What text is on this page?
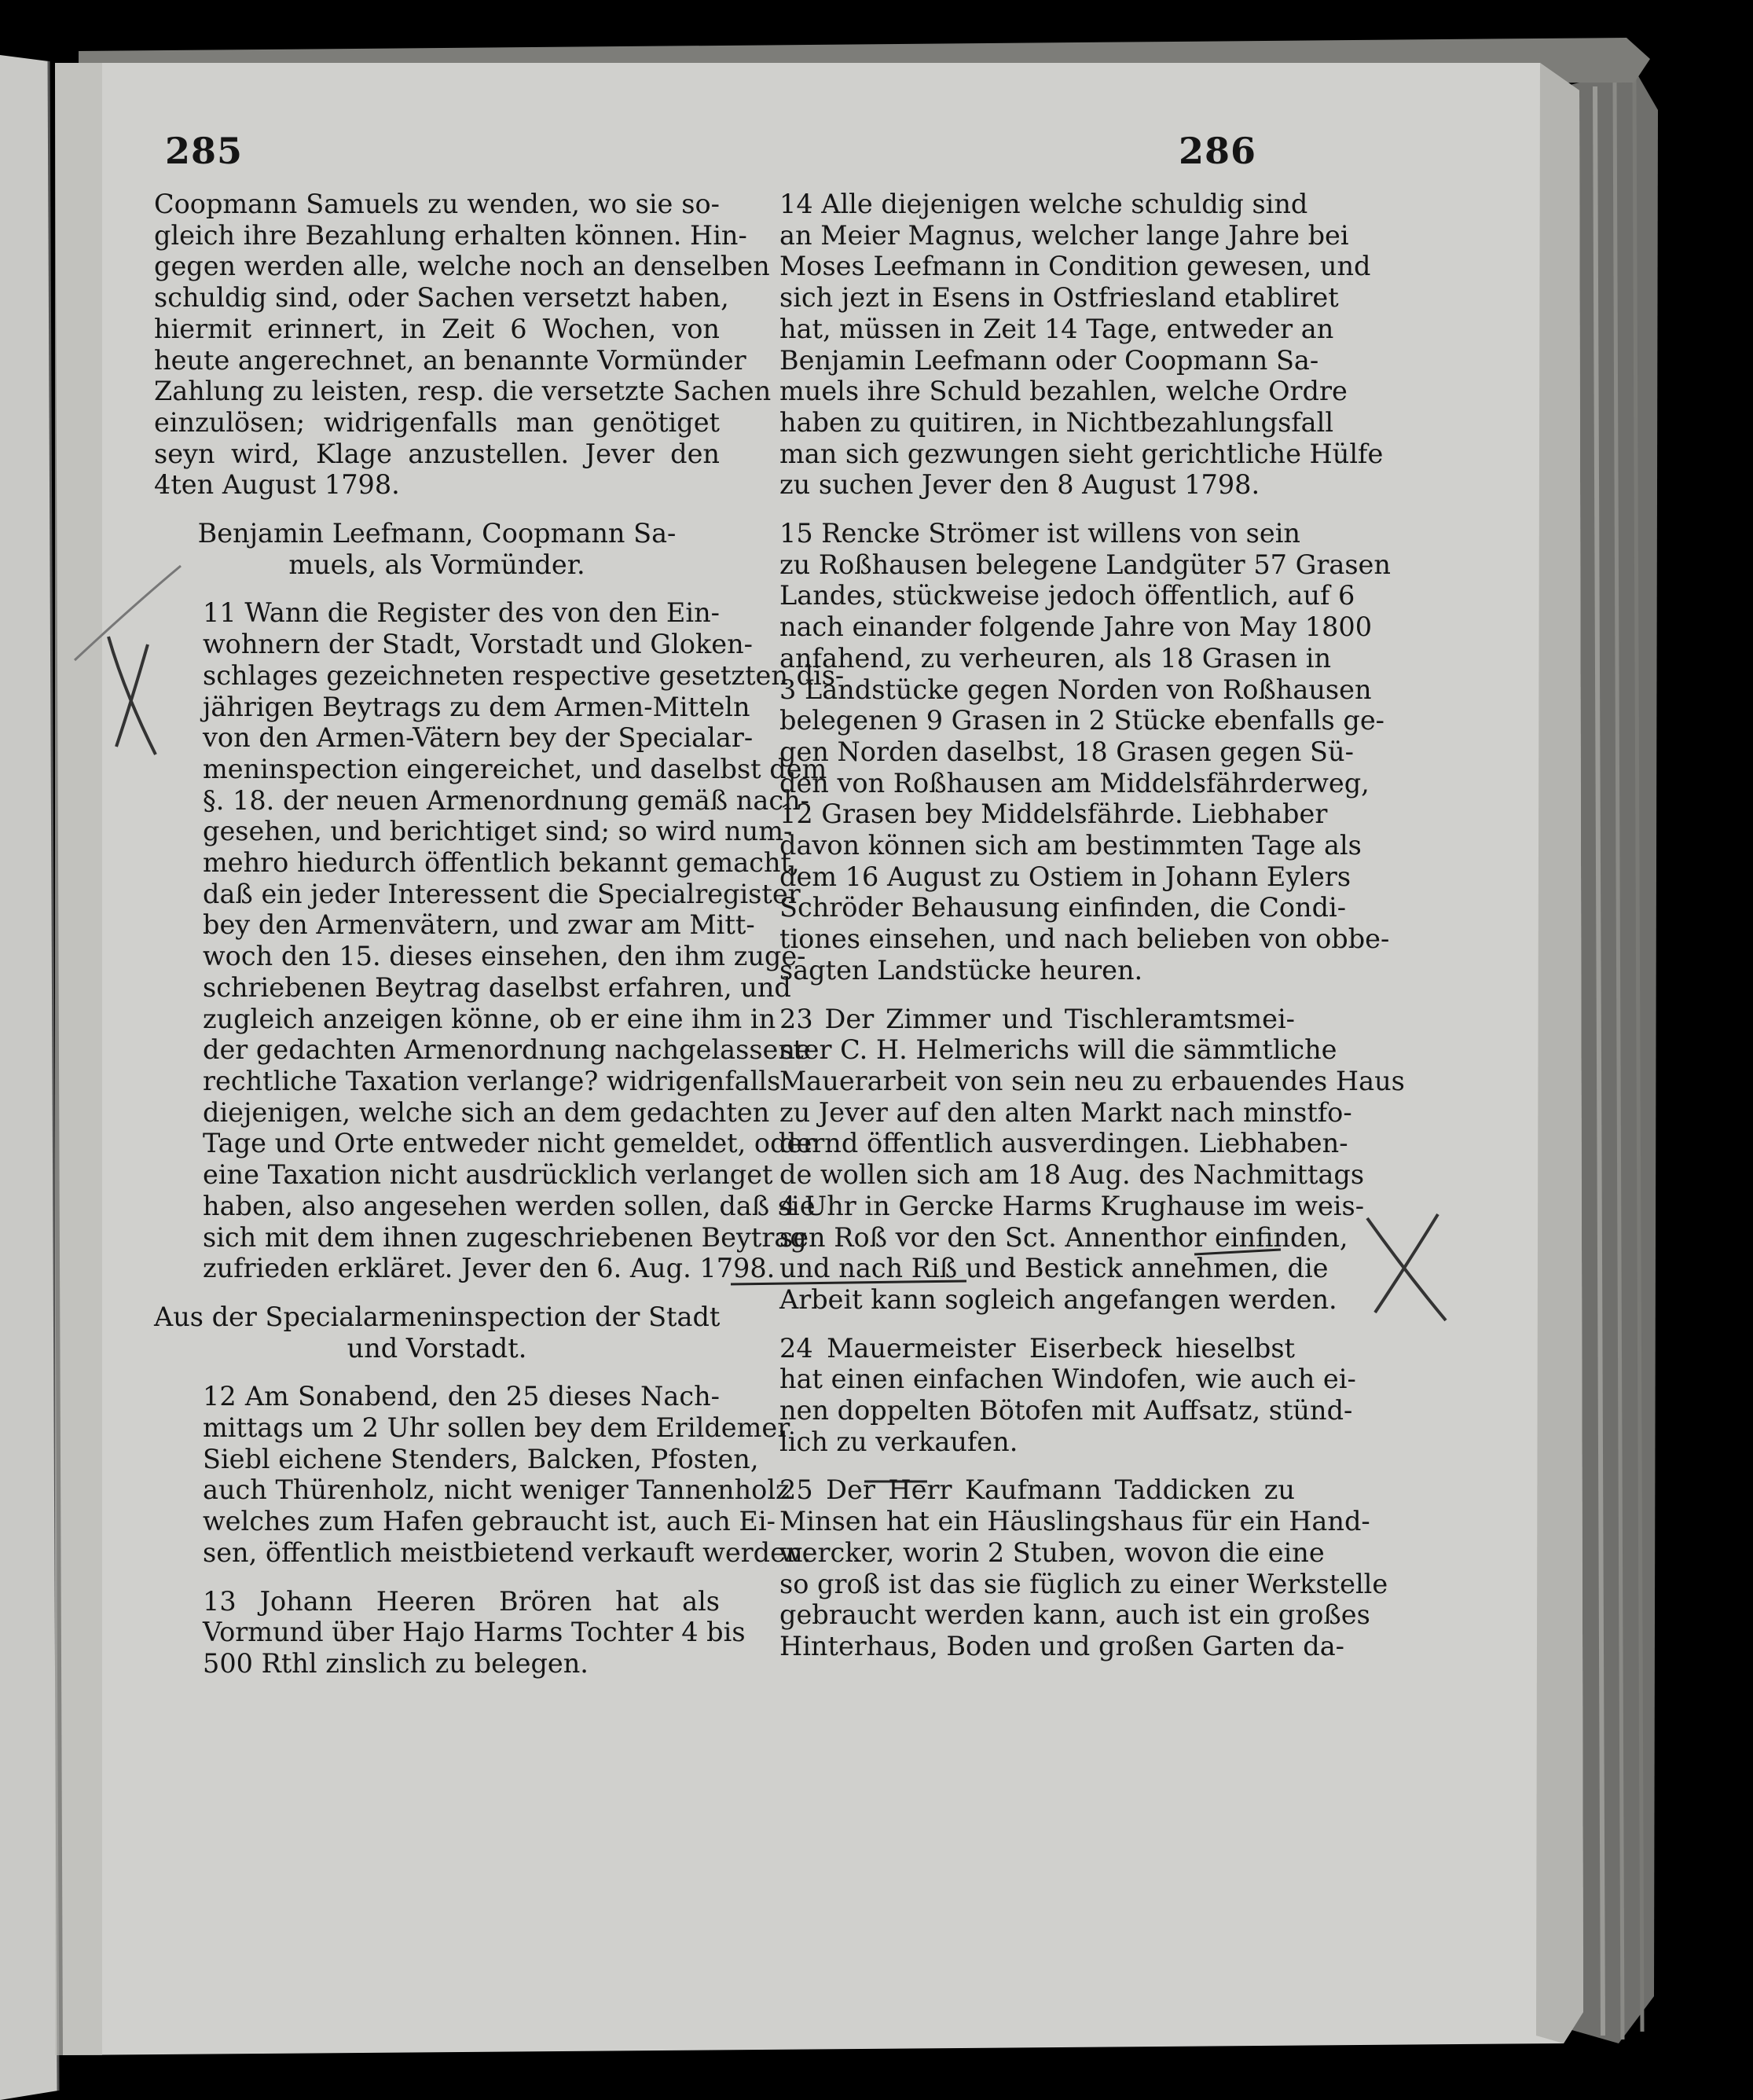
285	286
Coopmann Samuels zu wenden, wo sie so-
gleich ihre Bezahlung erhalten können. Hin-
gegen werden alle, welche noch an denselben
schuldig sind, oder Sachen versetzt haben,
hiermit erinnert, in Zeit 6 Wochen, von
heute angerechnet, an benannte Vormünder
Zahlung zu leisten, resp. die versetzte Sachen
einzulösen; widrigenfalls man genötiget
seyn wird, Klage anzustellen. Jever den
4ten August 1798.
Benjamin Leefmann, Coopmann Sa-
muels, als Vormünder.
11 Wann die Register des von den Ein-
wohnern der Stadt, Vorstadt und Gloken-
schlages gezeichneten respective gesetzten dis-
jährigen Beytrags zu dem Armen-Mitteln
von den Armen-Vätern bey der Specialar-
meninspection eingereichet, und daselbst dem
§. 18. der neuen Armenordnung gemäß nach-
gesehen, und berichtiget sind; so wird num-
mehro hiedurch öffentlich bekannt gemacht,
daß ein jeder Interessent die Specialregister
bey den Armenvätern, und zwar am Mitt-
woch den 15. dieses einsehen, den ihm zuge-
schriebenen Beytrag daselbst erfahren, und
zugleich anzeigen könne, ob er eine ihm in
der gedachten Armenordnung nachgelassene
rechtliche Taxation verlange? widrigenfalls
diejenigen, welche sich an dem gedachten
Tage und Orte entweder nicht gemeldet, oder
eine Taxation nicht ausdrücklich verlanget
haben, also angesehen werden sollen, daß sie
sich mit dem ihnen zugeschriebenen Beytrag
zufrieden erkläret. Jever den 6. Aug. 1798.
Aus der Specialarmeninspection der Stadt
und Vorstadt.
12 Am Sonabend, den 25 dieses Nach-
mittags um 2 Uhr sollen bey dem Erildemer
Siebl eichene Stenders, Balcken, Pfosten,
auch Thürenholz, nicht weniger Tannenholz
welches zum Hafen gebraucht ist, auch Ei-
sen, öffentlich meistbietend verkauft werden.
13 Johann Heeren Brören hat als
Vormund über Hajo Harms Tochter 4 bis
500 Rthl zinslich zu belegen.
14 Alle diejenigen welche schuldig sind
an Meier Magnus, welcher lange Jahre bei
Moses Leefmann in Condition gewesen, und
sich jezt in Esens in Ostfriesland etabliret
hat, müssen in Zeit 14 Tage, entweder an
Benjamin Leefmann oder Coopmann Sa-
muels ihre Schuld bezahlen, welche Ordre
haben zu quitiren, in Nichtbezahlungsfall
man sich gezwungen sieht gerichtliche Hülfe
zu suchen Jever den 8 August 1798.
15 Rencke Strömer ist willens von sein
zu Roßhausen belegene Landgüter 57 Grasen
Landes, stückweise jedoch öffentlich, auf 6
nach einander folgende Jahre von May 1800
anfahend, zu verheuren, als 18 Grasen in
3 Landstücke gegen Norden von Roßhausen
belegenen 9 Grasen in 2 Stücke ebenfalls ge-
gen Norden daselbst, 18 Grasen gegen Sü-
den von Roßhausen am Middelsfährderweg,
12 Grasen bey Middelsfährde. Liebhaber
davon können sich am bestimmten Tage als
dem 16 August zu Ostiem in Johann Eylers
Schröder Behausung einfinden, die Condi-
tiones einsehen, und nach belieben von obbe-
sagten Landstücke heuren.
23 Der Zimmer und Tischleramtsmei-
ster C. H. Helmerichs will die sämmtliche
Mauerarbeit von sein neu zu erbauendes Haus
zu Jever auf den alten Markt nach minstfo-
dernd öffentlich ausverdingen. Liebhaben-
de wollen sich am 18 Aug. des Nachmittags
4 Uhr in Gercke Harms Krughause im weis-
sen Roß vor den Sct. Annenthor einfinden,
und nach Riß und Bestick annehmen, die
Arbeit kann sogleich angefangen werden.
24 Mauermeister Eiserbeck hieselbst
hat einen einfachen Windofen, wie auch ei-
nen doppelten Bötofen mit Auffsatz, stünd-
lich zu verkaufen.
25 Der Herr Kaufmann Taddicken zu
Minsen hat ein Häuslingshaus für ein Hand-
wercker, worin 2 Stuben, wovon die eine
so groß ist das sie füglich zu einer Werkstelle
gebraucht werden kann, auch ist ein großes
Hinterhaus, Boden und großen Garten da-
